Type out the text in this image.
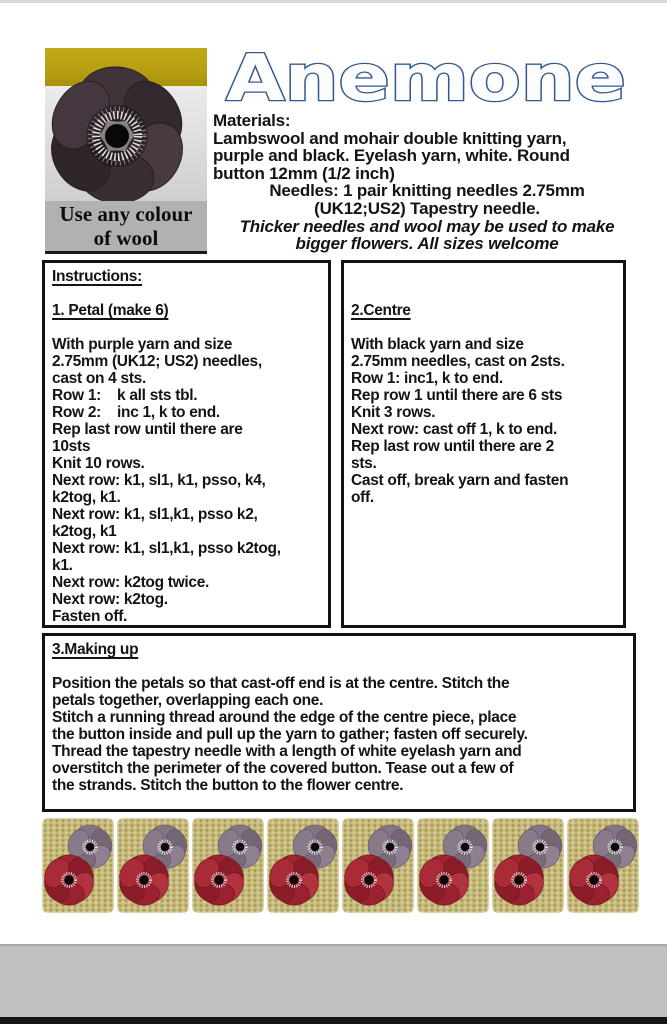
Use any colour
of wool
Anemone
Materials:
Lambswool and mohair double knitting yarn,
purple and black. Eyelash yarn, white. Round
button 12mm (1/2 inch)
Needles: 1 pair knitting needles 2.75mm
(UK12;US2) Tapestry needle.
Thicker needles and wool may be used to make
bigger flowers. All sizes welcome
Instructions:
1. Petal (make 6)
With purple yarn and size
2.75mm (UK12; US2) needles,
cast on 4 sts.
Row 1:    k all sts tbl.
Row 2:    inc 1, k to end.
Rep last row until there are
10sts
Knit 10 rows.
Next row: k1, sl1, k1, psso, k4,
k2tog, k1.
Next row: k1, sl1,k1, psso k2,
k2tog, k1
Next row: k1, sl1,k1, psso k2tog,
k1.
Next row: k2tog twice.
Next row: k2tog.
Fasten off.
2.Centre
With black yarn and size
2.75mm needles, cast on 2sts.
Row 1: inc1, k to end.
Rep row 1 until there are 6 sts
Knit 3 rows.
Next row: cast off 1, k to end.
Rep last row until there are 2
sts.
Cast off, break yarn and fasten
off.
3.Making up
Position the petals so that cast-off end is at the centre. Stitch the
petals together, overlapping each one.
Stitch a running thread around the edge of the centre piece, place
the button inside and pull up the yarn to gather; fasten off securely.
Thread the tapestry needle with a length of white eyelash yarn and
overstitch the perimeter of the covered button. Tease out a few of
the strands. Stitch the button to the flower centre.
